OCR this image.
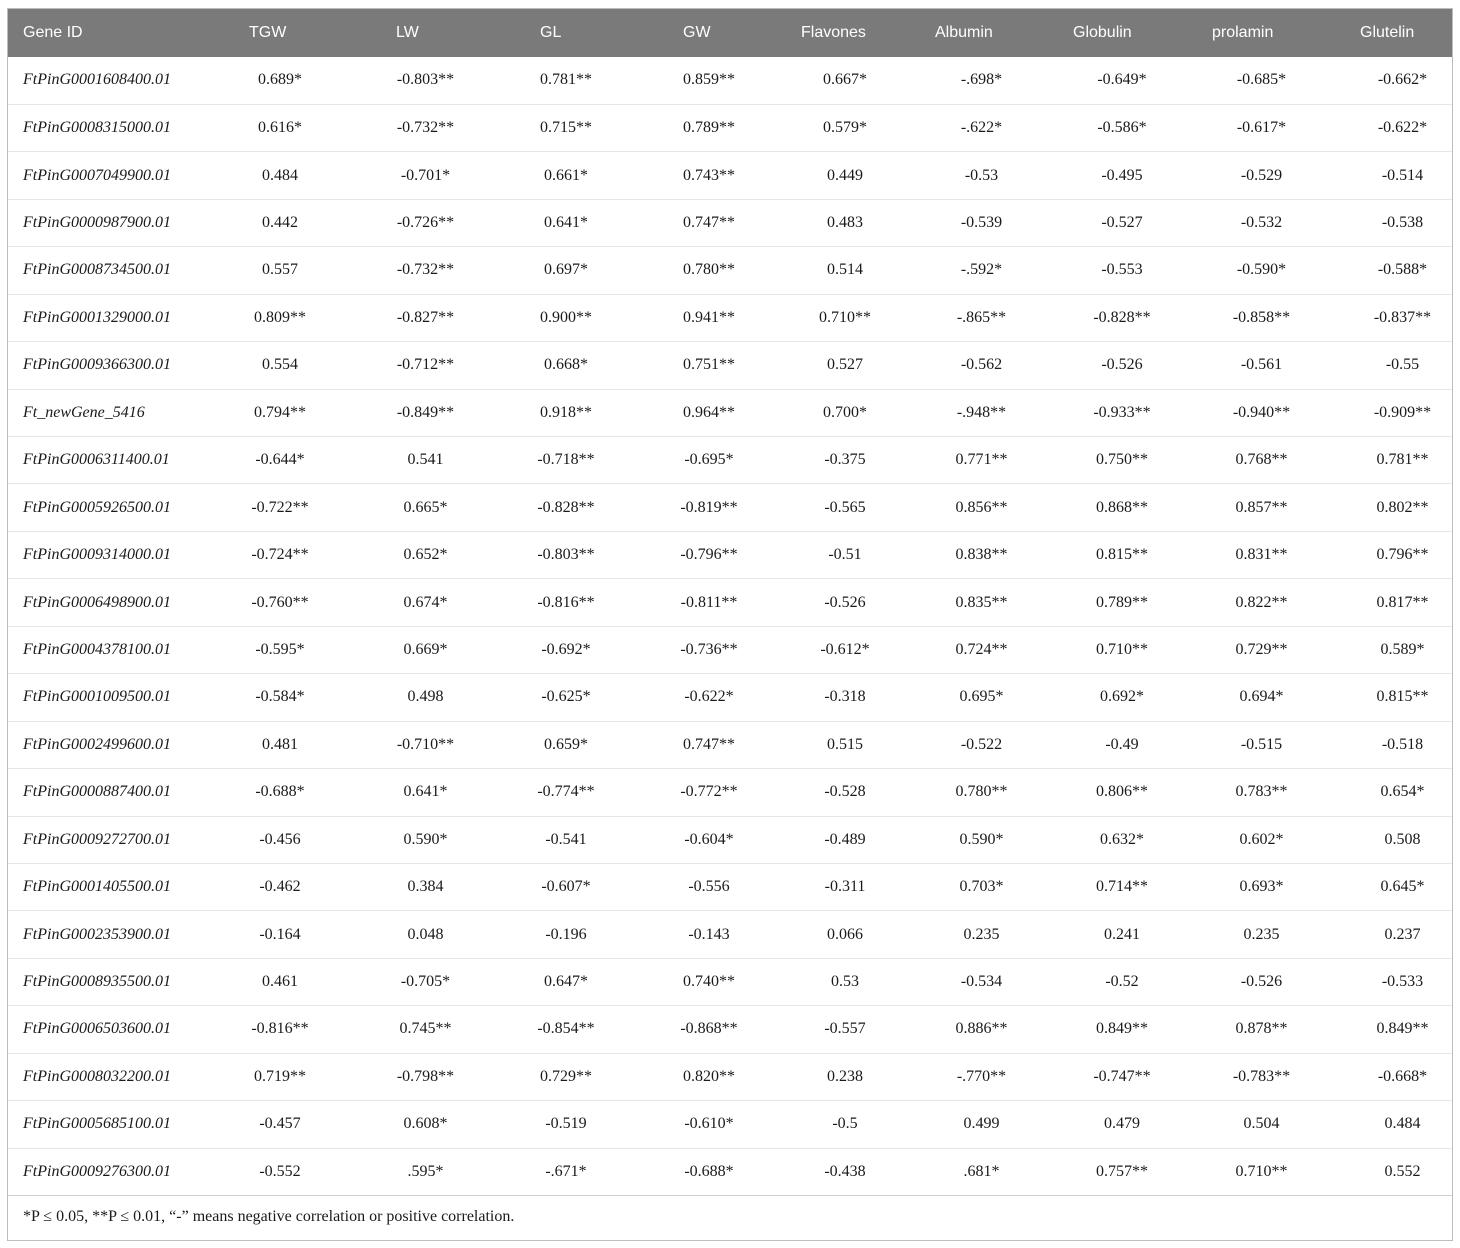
Gene ID	TGW	LW	GL	GW	Flavones	Albumin	Globulin	prolamin	Glutelin
FtPinG0001608400.01	0.689*	-0.803**	0.781**	0.859**	0.667*	-.698*	-0.649*	-0.685*	-0.662*
FtPinG0008315000.01	0.616*	-0.732**	0.715**	0.789**	0.579*	-.622*	-0.586*	-0.617*	-0.622*
FtPinG0007049900.01	0.484	-0.701*	0.661*	0.743**	0.449	-0.53	-0.495	-0.529	-0.514
FtPinG0000987900.01	0.442	-0.726**	0.641*	0.747**	0.483	-0.539	-0.527	-0.532	-0.538
FtPinG0008734500.01	0.557	-0.732**	0.697*	0.780**	0.514	-.592*	-0.553	-0.590*	-0.588*
FtPinG0001329000.01	0.809**	-0.827**	0.900**	0.941**	0.710**	-.865**	-0.828**	-0.858**	-0.837**
FtPinG0009366300.01	0.554	-0.712**	0.668*	0.751**	0.527	-0.562	-0.526	-0.561	-0.55
Ft_newGene_5416	0.794**	-0.849**	0.918**	0.964**	0.700*	-.948**	-0.933**	-0.940**	-0.909**
FtPinG0006311400.01	-0.644*	0.541	-0.718**	-0.695*	-0.375	0.771**	0.750**	0.768**	0.781**
FtPinG0005926500.01	-0.722**	0.665*	-0.828**	-0.819**	-0.565	0.856**	0.868**	0.857**	0.802**
FtPinG0009314000.01	-0.724**	0.652*	-0.803**	-0.796**	-0.51	0.838**	0.815**	0.831**	0.796**
FtPinG0006498900.01	-0.760**	0.674*	-0.816**	-0.811**	-0.526	0.835**	0.789**	0.822**	0.817**
FtPinG0004378100.01	-0.595*	0.669*	-0.692*	-0.736**	-0.612*	0.724**	0.710**	0.729**	0.589*
FtPinG0001009500.01	-0.584*	0.498	-0.625*	-0.622*	-0.318	0.695*	0.692*	0.694*	0.815**
FtPinG0002499600.01	0.481	-0.710**	0.659*	0.747**	0.515	-0.522	-0.49	-0.515	-0.518
FtPinG0000887400.01	-0.688*	0.641*	-0.774**	-0.772**	-0.528	0.780**	0.806**	0.783**	0.654*
FtPinG0009272700.01	-0.456	0.590*	-0.541	-0.604*	-0.489	0.590*	0.632*	0.602*	0.508
FtPinG0001405500.01	-0.462	0.384	-0.607*	-0.556	-0.311	0.703*	0.714**	0.693*	0.645*
FtPinG0002353900.01	-0.164	0.048	-0.196	-0.143	0.066	0.235	0.241	0.235	0.237
FtPinG0008935500.01	0.461	-0.705*	0.647*	0.740**	0.53	-0.534	-0.52	-0.526	-0.533
FtPinG0006503600.01	-0.816**	0.745**	-0.854**	-0.868**	-0.557	0.886**	0.849**	0.878**	0.849**
FtPinG0008032200.01	0.719**	-0.798**	0.729**	0.820**	0.238	-.770**	-0.747**	-0.783**	-0.668*
FtPinG0005685100.01	-0.457	0.608*	-0.519	-0.610*	-0.5	0.499	0.479	0.504	0.484
FtPinG0009276300.01	-0.552	.595*	-.671*	-0.688*	-0.438	.681*	0.757**	0.710**	0.552
*P ≤ 0.05, **P ≤ 0.01, “-” means negative correlation or positive correlation.
